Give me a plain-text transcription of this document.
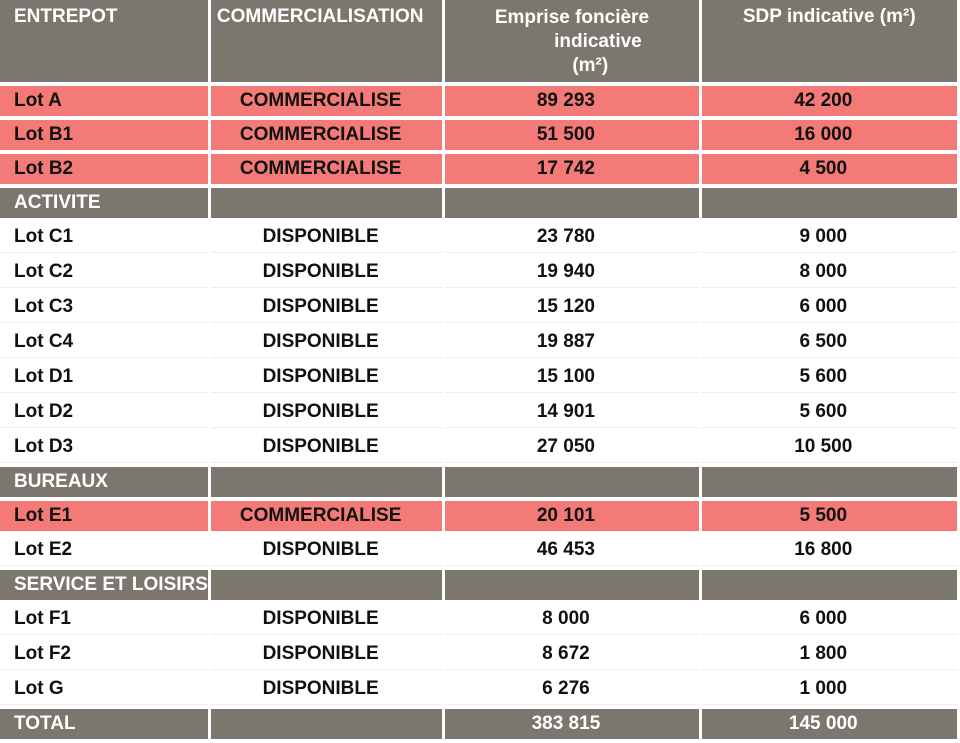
ENTREPOT	COMMERCIALISATION	Emprise foncière
indicative
(m²)	SDP indicative (m²)
Lot A	COMMERCIALISE	89 293	42 200
Lot B1	COMMERCIALISE	51 500	16 000
Lot B2	COMMERCIALISE	17 742	4 500
ACTIVITE			
Lot C1	DISPONIBLE	23 780	9 000
Lot C2	DISPONIBLE	19 940	8 000
Lot C3	DISPONIBLE	15 120	6 000
Lot C4	DISPONIBLE	19 887	6 500
Lot D1	DISPONIBLE	15 100	5 600
Lot D2	DISPONIBLE	14 901	5 600
Lot D3	DISPONIBLE	27 050	10 500
BUREAUX			
Lot E1	COMMERCIALISE	20 101	5 500
Lot E2	DISPONIBLE	46 453	16 800
SERVICE ET LOISIRS			
Lot F1	DISPONIBLE	8 000	6 000
Lot F2	DISPONIBLE	8 672	1 800
Lot G	DISPONIBLE	6 276	1 000
TOTAL		383 815	145 000
